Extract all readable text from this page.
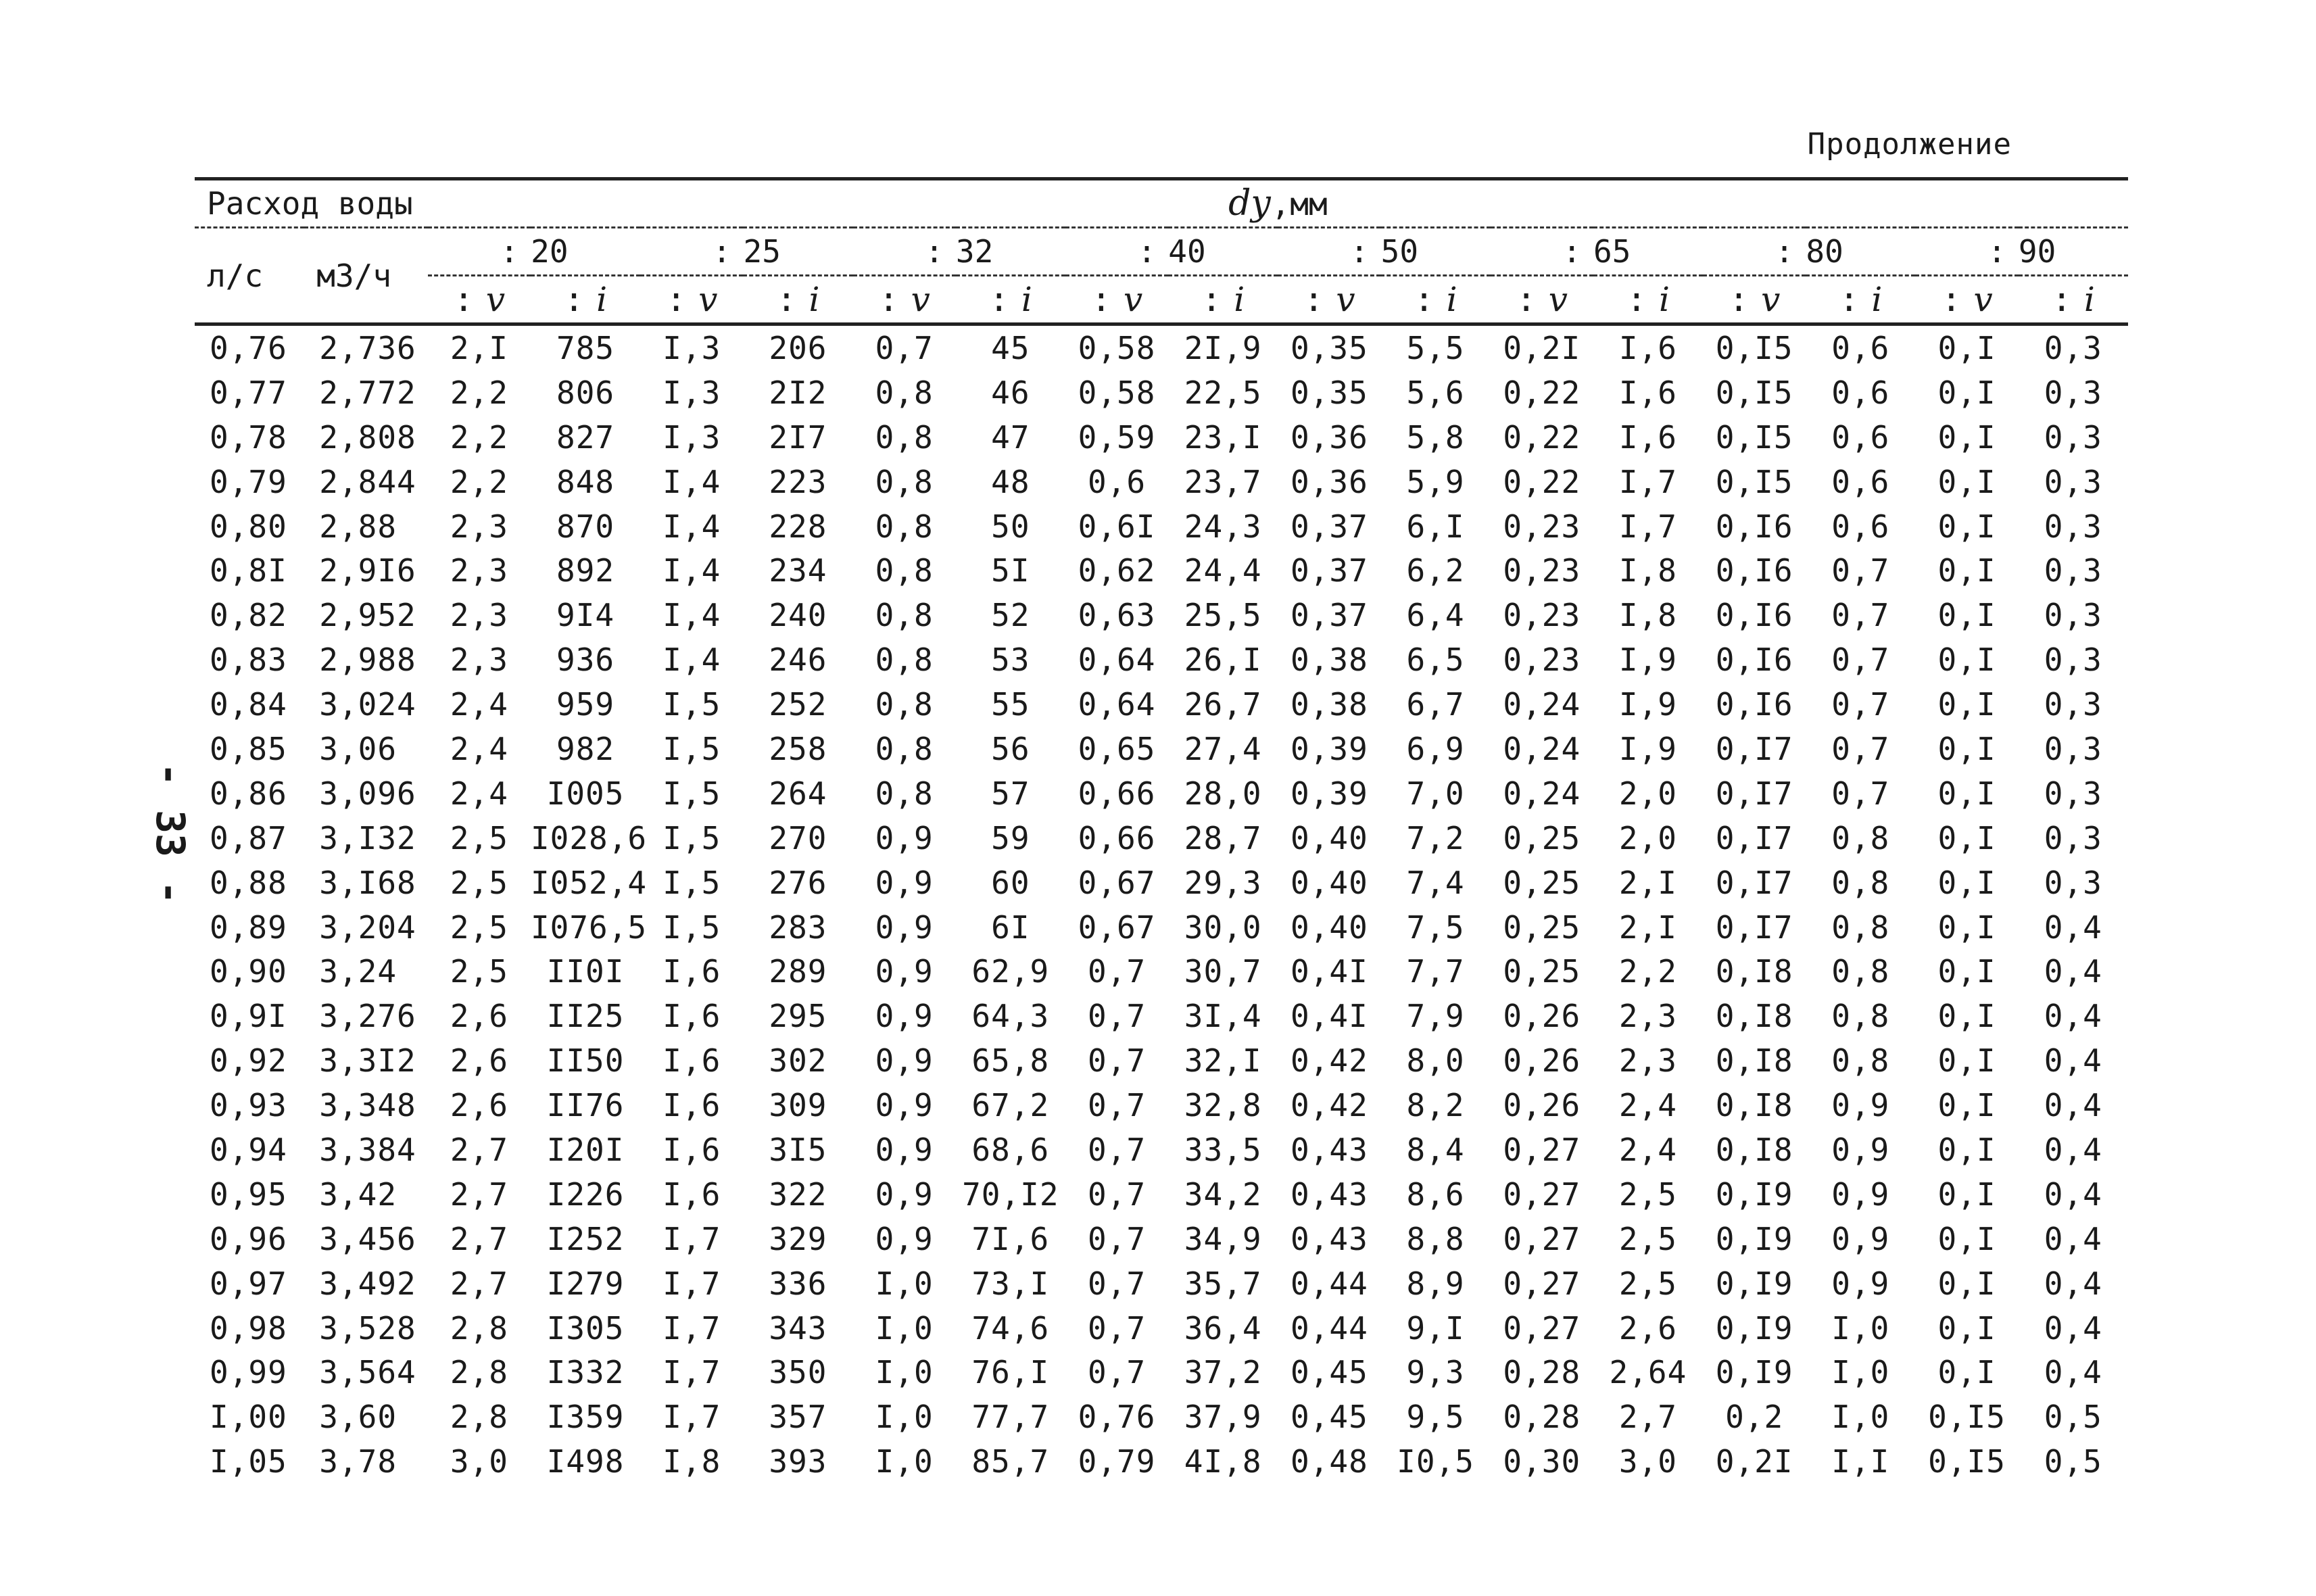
Продолжение
- 33 -
Расход воды		dу,мм															
л/с	м3/ч	: 20		: 25		: 32		: 40		: 50		: 65		: 80		: 90
		: v	: i	: v	: i	: v	: i	: v	: i	: v	: i	: v	: i	: v	: i	: v	: i
0,76	2,736	2,I	785	I,3	206	0,7	45	0,58	2I,9	0,35	5,5	0,2I	I,6	0,I5	0,6	0,I	0,3
0,77	2,772	2,2	806	I,3	2I2	0,8	46	0,58	22,5	0,35	5,6	0,22	I,6	0,I5	0,6	0,I	0,3
0,78	2,808	2,2	827	I,3	2I7	0,8	47	0,59	23,I	0,36	5,8	0,22	I,6	0,I5	0,6	0,I	0,3
0,79	2,844	2,2	848	I,4	223	0,8	48	0,6	23,7	0,36	5,9	0,22	I,7	0,I5	0,6	0,I	0,3
0,80	2,88	2,3	870	I,4	228	0,8	50	0,6I	24,3	0,37	6,I	0,23	I,7	0,I6	0,6	0,I	0,3
0,8I	2,9I6	2,3	892	I,4	234	0,8	5I	0,62	24,4	0,37	6,2	0,23	I,8	0,I6	0,7	0,I	0,3
0,82	2,952	2,3	9I4	I,4	240	0,8	52	0,63	25,5	0,37	6,4	0,23	I,8	0,I6	0,7	0,I	0,3
0,83	2,988	2,3	936	I,4	246	0,8	53	0,64	26,I	0,38	6,5	0,23	I,9	0,I6	0,7	0,I	0,3
0,84	3,024	2,4	959	I,5	252	0,8	55	0,64	26,7	0,38	6,7	0,24	I,9	0,I6	0,7	0,I	0,3
0,85	3,06	2,4	982	I,5	258	0,8	56	0,65	27,4	0,39	6,9	0,24	I,9	0,I7	0,7	0,I	0,3
0,86	3,096	2,4	I005	I,5	264	0,8	57	0,66	28,0	0,39	7,0	0,24	2,0	0,I7	0,7	0,I	0,3
0,87	3,I32	2,5	I028,6	I,5	270	0,9	59	0,66	28,7	0,40	7,2	0,25	2,0	0,I7	0,8	0,I	0,3
0,88	3,I68	2,5	I052,4	I,5	276	0,9	60	0,67	29,3	0,40	7,4	0,25	2,I	0,I7	0,8	0,I	0,3
0,89	3,204	2,5	I076,5	I,5	283	0,9	6I	0,67	30,0	0,40	7,5	0,25	2,I	0,I7	0,8	0,I	0,4
0,90	3,24	2,5	II0I	I,6	289	0,9	62,9	0,7	30,7	0,4I	7,7	0,25	2,2	0,I8	0,8	0,I	0,4
0,9I	3,276	2,6	II25	I,6	295	0,9	64,3	0,7	3I,4	0,4I	7,9	0,26	2,3	0,I8	0,8	0,I	0,4
0,92	3,3I2	2,6	II50	I,6	302	0,9	65,8	0,7	32,I	0,42	8,0	0,26	2,3	0,I8	0,8	0,I	0,4
0,93	3,348	2,6	II76	I,6	309	0,9	67,2	0,7	32,8	0,42	8,2	0,26	2,4	0,I8	0,9	0,I	0,4
0,94	3,384	2,7	I20I	I,6	3I5	0,9	68,6	0,7	33,5	0,43	8,4	0,27	2,4	0,I8	0,9	0,I	0,4
0,95	3,42	2,7	I226	I,6	322	0,9	70,I2	0,7	34,2	0,43	8,6	0,27	2,5	0,I9	0,9	0,I	0,4
0,96	3,456	2,7	I252	I,7	329	0,9	7I,6	0,7	34,9	0,43	8,8	0,27	2,5	0,I9	0,9	0,I	0,4
0,97	3,492	2,7	I279	I,7	336	I,0	73,I	0,7	35,7	0,44	8,9	0,27	2,5	0,I9	0,9	0,I	0,4
0,98	3,528	2,8	I305	I,7	343	I,0	74,6	0,7	36,4	0,44	9,I	0,27	2,6	0,I9	I,0	0,I	0,4
0,99	3,564	2,8	I332	I,7	350	I,0	76,I	0,7	37,2	0,45	9,3	0,28	2,64	0,I9	I,0	0,I	0,4
I,00	3,60	2,8	I359	I,7	357	I,0	77,7	0,76	37,9	0,45	9,5	0,28	2,7	0,2	I,0	0,I5	0,5
I,05	3,78	3,0	I498	I,8	393	I,0	85,7	0,79	4I,8	0,48	I0,5	0,30	3,0	0,2I	I,I	0,I5	0,5
